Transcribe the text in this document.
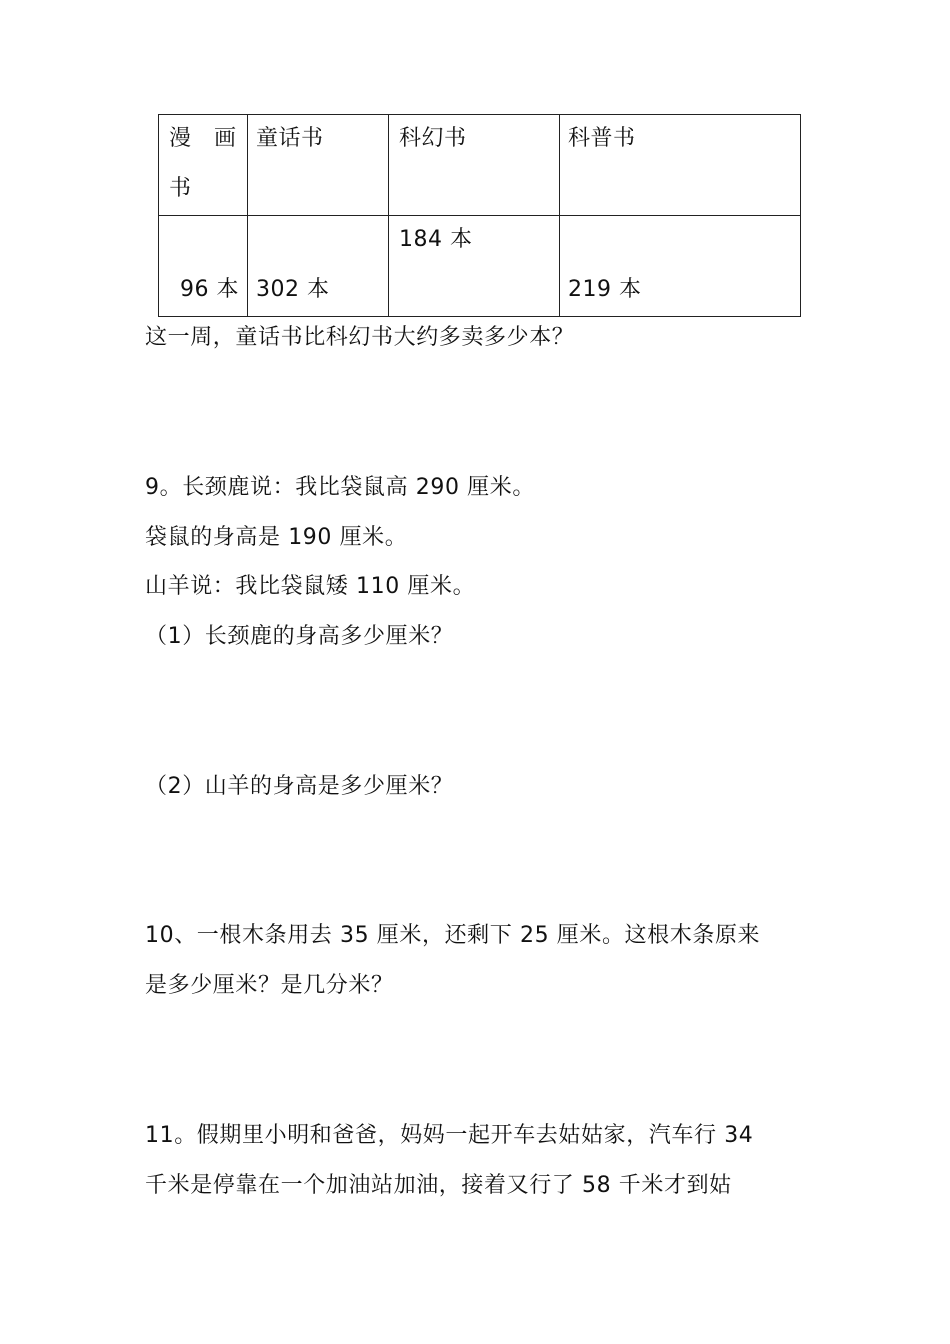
漫　画
书	童话书	科幻书	科普书

96 本	302 本	184 本	219 本
这一周，童话书比科幻书大约多卖多少本？
9。长颈鹿说：我比袋鼠高 290 厘米。
袋鼠的身高是 190 厘米。
山羊说：我比袋鼠矮 110 厘米。
（1）长颈鹿的身高多少厘米？
（2）山羊的身高是多少厘米？
10、一根木条用去 35 厘米，还剩下 25 厘米。这根木条原来
是多少厘米？是几分米？
11。假期里小明和爸爸，妈妈一起开车去姑姑家，汽车行 34
千米是停靠在一个加油站加油，接着又行了 58 千米才到姑
